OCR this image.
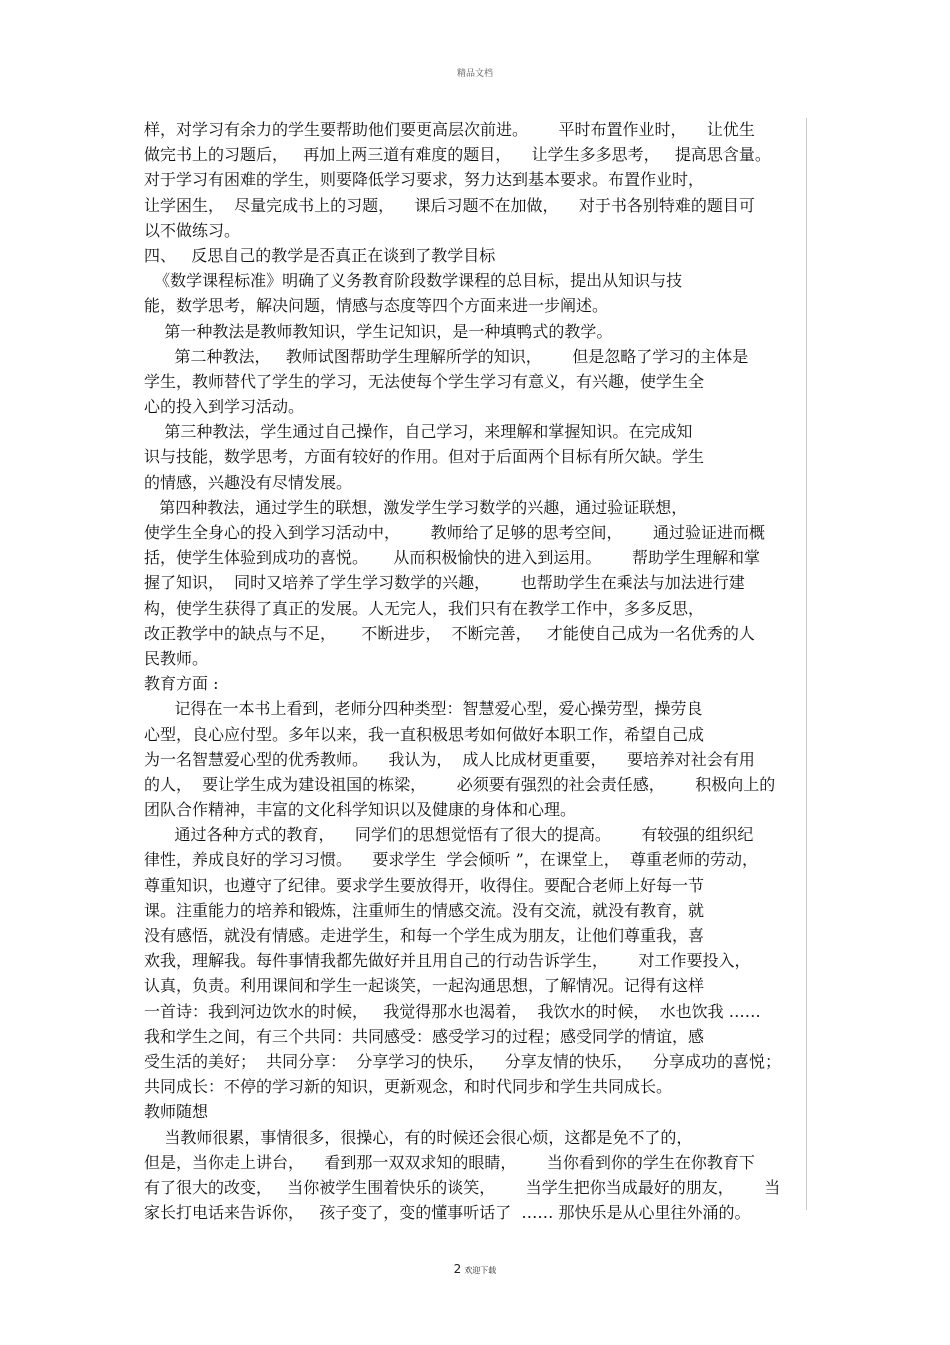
精品文档
样，对学习有余力的学生要帮助他们要更高层次前进。      平时布置作业时，    让优生
做完书上的习题后，   再加上两三道有难度的题目，    让学生多多思考，   提高思含量。
对于学习有困难的学生，则要降低学习要求，努力达到基本要求。布置作业时，
让学困生，  尽量完成书上的习题，    课后习题不在加做，    对于书各别特难的题目可
以不做练习。
四、   反思自己的教学是否真正在谈到了教学目标
《数学课程标准》明确了义务教育阶段数学课程的总目标，提出从知识与技
能，数学思考，解决问题，情感与态度等四个方面来进一步阐述。
第一种教法是教师教知识，学生记知识，是一种填鸭式的教学。
第二种教法，   教师试图帮助学生理解所学的知识，      但是忽略了学习的主体是
学生，教师替代了学生的学习，无法使每个学生学习有意义，有兴趣，使学生全
心的投入到学习活动。
第三种教法，学生通过自己操作，自己学习，来理解和掌握知识。在完成知
识与技能，数学思考，方面有较好的作用。但对于后面两个目标有所欠缺。学生
的情感，兴趣没有尽情发展。
第四种教法，通过学生的联想，激发学生学习数学的兴趣，通过验证联想，
使学生全身心的投入到学习活动中，      教师给了足够的思考空间，      通过验证进而概
括，使学生体验到成功的喜悦。     从而积极愉快的进入到运用。      帮助学生理解和掌
握了知识，  同时又培养了学生学习数学的兴趣，      也帮助学生在乘法与加法进行建
构，使学生获得了真正的发展。人无完人，我们只有在教学工作中，多多反思，
改正教学中的缺点与不足，     不断进步，  不断完善，   才能使自己成为一名优秀的人
民教师。
教育方面 :
记得在一本书上看到，老师分四种类型：智慧爱心型，爱心操劳型，操劳良
心型，良心应付型。多年以来，我一直积极思考如何做好本职工作，希望自己成
为一名智慧爱心型的优秀教师。    我认为，  成人比成材更重要，    要培养对社会有用
的人，  要让学生成为建设祖国的栋梁，      必须要有强烈的社会责任感，      积极向上的
团队合作精神，丰富的文化科学知识以及健康的身体和心理。
通过各种方式的教育，    同学们的思想觉悟有了很大的提高。      有较强的组织纪
律性，养成良好的学习习惯。    要求学生  学会倾听 ”，在课堂上，  尊重老师的劳动，
尊重知识，也遵守了纪律。要求学生要放得开，收得住。要配合老师上好每一节
课。注重能力的培养和锻炼，注重师生的情感交流。没有交流，就没有教育，就
没有感悟，就没有情感。走进学生，和每一个学生成为朋友，让他们尊重我，喜
欢我，理解我。每件事情我都先做好并且用自己的行动告诉学生，      对工作要投入，
认真，负责。利用课间和学生一起谈笑，一起沟通思想，了解情况。记得有这样
一首诗：我到河边饮水的时候，   我觉得那水也渴着，  我饮水的时候，  水也饮我 ……
我和学生之间，有三个共同：共同感受：感受学习的过程；感受同学的情谊，感
受生活的美好；  共同分享：  分享学习的快乐，    分享友情的快乐，    分享成功的喜悦；
共同成长：不停的学习新的知识，更新观念，和时代同步和学生共同成长。
教师随想
当教师很累，事情很多，很操心，有的时候还会很心烦，这都是免不了的，
但是，当你走上讲台，    看到那一双双求知的眼睛，      当你看到你的学生在你教育下
有了很大的改变，   当你被学生围着快乐的谈笑，      当学生把你当成最好的朋友，      当
家长打电话来告诉你，   孩子变了，变的懂事听话了  …… 那快乐是从心里往外涌的。
2 欢迎下载
